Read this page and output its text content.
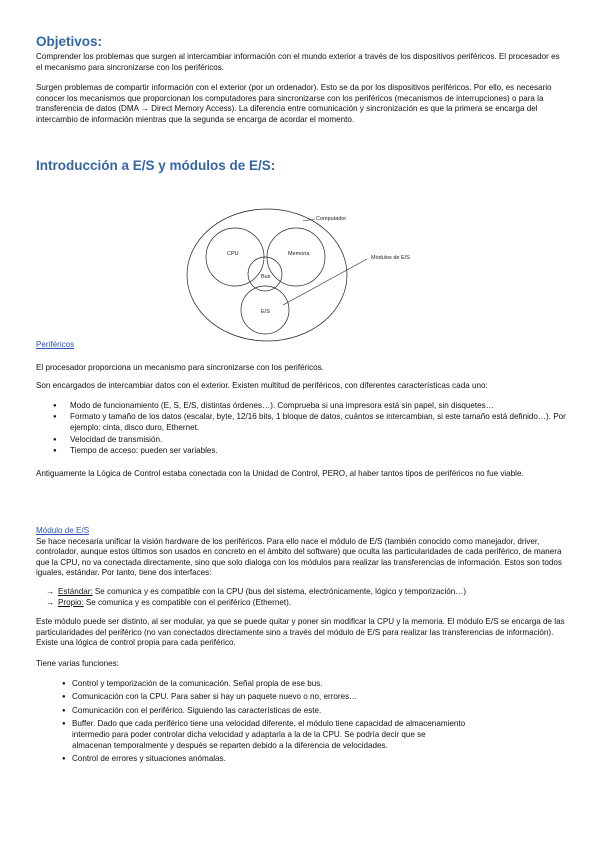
Objetivos:

Comprender los problemas que surgen al intercambiar información con el mundo exterior a través de los dispositivos periféricos. El procesador es el mecanismo para sincronizarse con los periféricos.

Surgen problemas de compartir información con el exterior (por un ordenador). Esto se da por los dispositivos periféricos. Por ello, es necesario conocer los mecanismos que proporcionan los computadores para sincronizarse con los periféricos (mecanismos de interrupciones) o para la transferencia de datos (DMA → Direct Memory Access). La diferencia entre comunicación y sincronización es que la primera se encarga del intercambio de información mientras que la segunda se encarga de acordar el momento.

Introducción a E/S y módulos de E/S:
Computador
CPU	Memoria
Bus
E/S
Módulos de E/S

Periféricos

El procesador proporciona un mecanismo para sincronizarse con los periféricos.

Son encargados de intercambiar datos con el exterior. Existen multitud de periféricos, con diferentes características cada uno:

● Modo de funcionamiento (E, S, E/S, distintas órdenes…). Comprueba si una impresora está sin papel, sin disquetes…
● Formato y tamaño de los datos (escalar, byte, 12/16 bits, 1 bloque de datos, cuántos se intercambian, si este tamaño está definido…). Por ejemplo: cinta, disco duro, Ethernet.
● Velocidad de transmisión.
● Tiempo de acceso: pueden ser variables.

Antiguamente la Lógica de Control estaba conectada con la Unidad de Control, PERO, al haber tantos tipos de periféricos no fue viable.

Módulo de E/S

Se hace necesaria unificar la visión hardware de los periféricos. Para ello nace el módulo de E/S (también conocido como manejador, driver, controlador, aunque estos últimos son usados en concreto en el ámbito del software) que oculta las particularidades de cada periférico, de manera que la CPU, no va conectada directamente, sino que solo dialoga con los módulos para realizar las transferencias de información. Estos son todos iguales, estándar. Por tanto, tiene dos interfaces:

→ Estándar: Se comunica y es compatible con la CPU (bus del sistema, electrónicamente, lógico y temporización…)
→ Propio: Se comunica y es compatible con el periférico (Ethernet).

Este módulo puede ser distinto, al ser modular, ya que se puede quitar y poner sin modificar la CPU y la memoria. El módulo E/S se encarga de las particularidades del periférico (no van conectados directamente sino a través del módulo de E/S para realizar las transferencias de información). Existe una lógica de control propia para cada periférico.

Tiene varias funciones:

● Control y temporización de la comunicación. Señal propia de ese bus.
● Comunicación con la CPU. Para saber si hay un paquete nuevo o no, errores…
● Comunicación con el periférico. Siguiendo las características de este.
● Buffer. Dado que cada periférico tiene una velocidad diferente, el módulo tiene capacidad de almacenamiento intermedio para poder controlar dicha velocidad y adaptarla a la de la CPU. Se podría decir que se almacenan temporalmente y después se reparten debido a la diferencia de velocidades.
● Control de errores y situaciones anómalas.
